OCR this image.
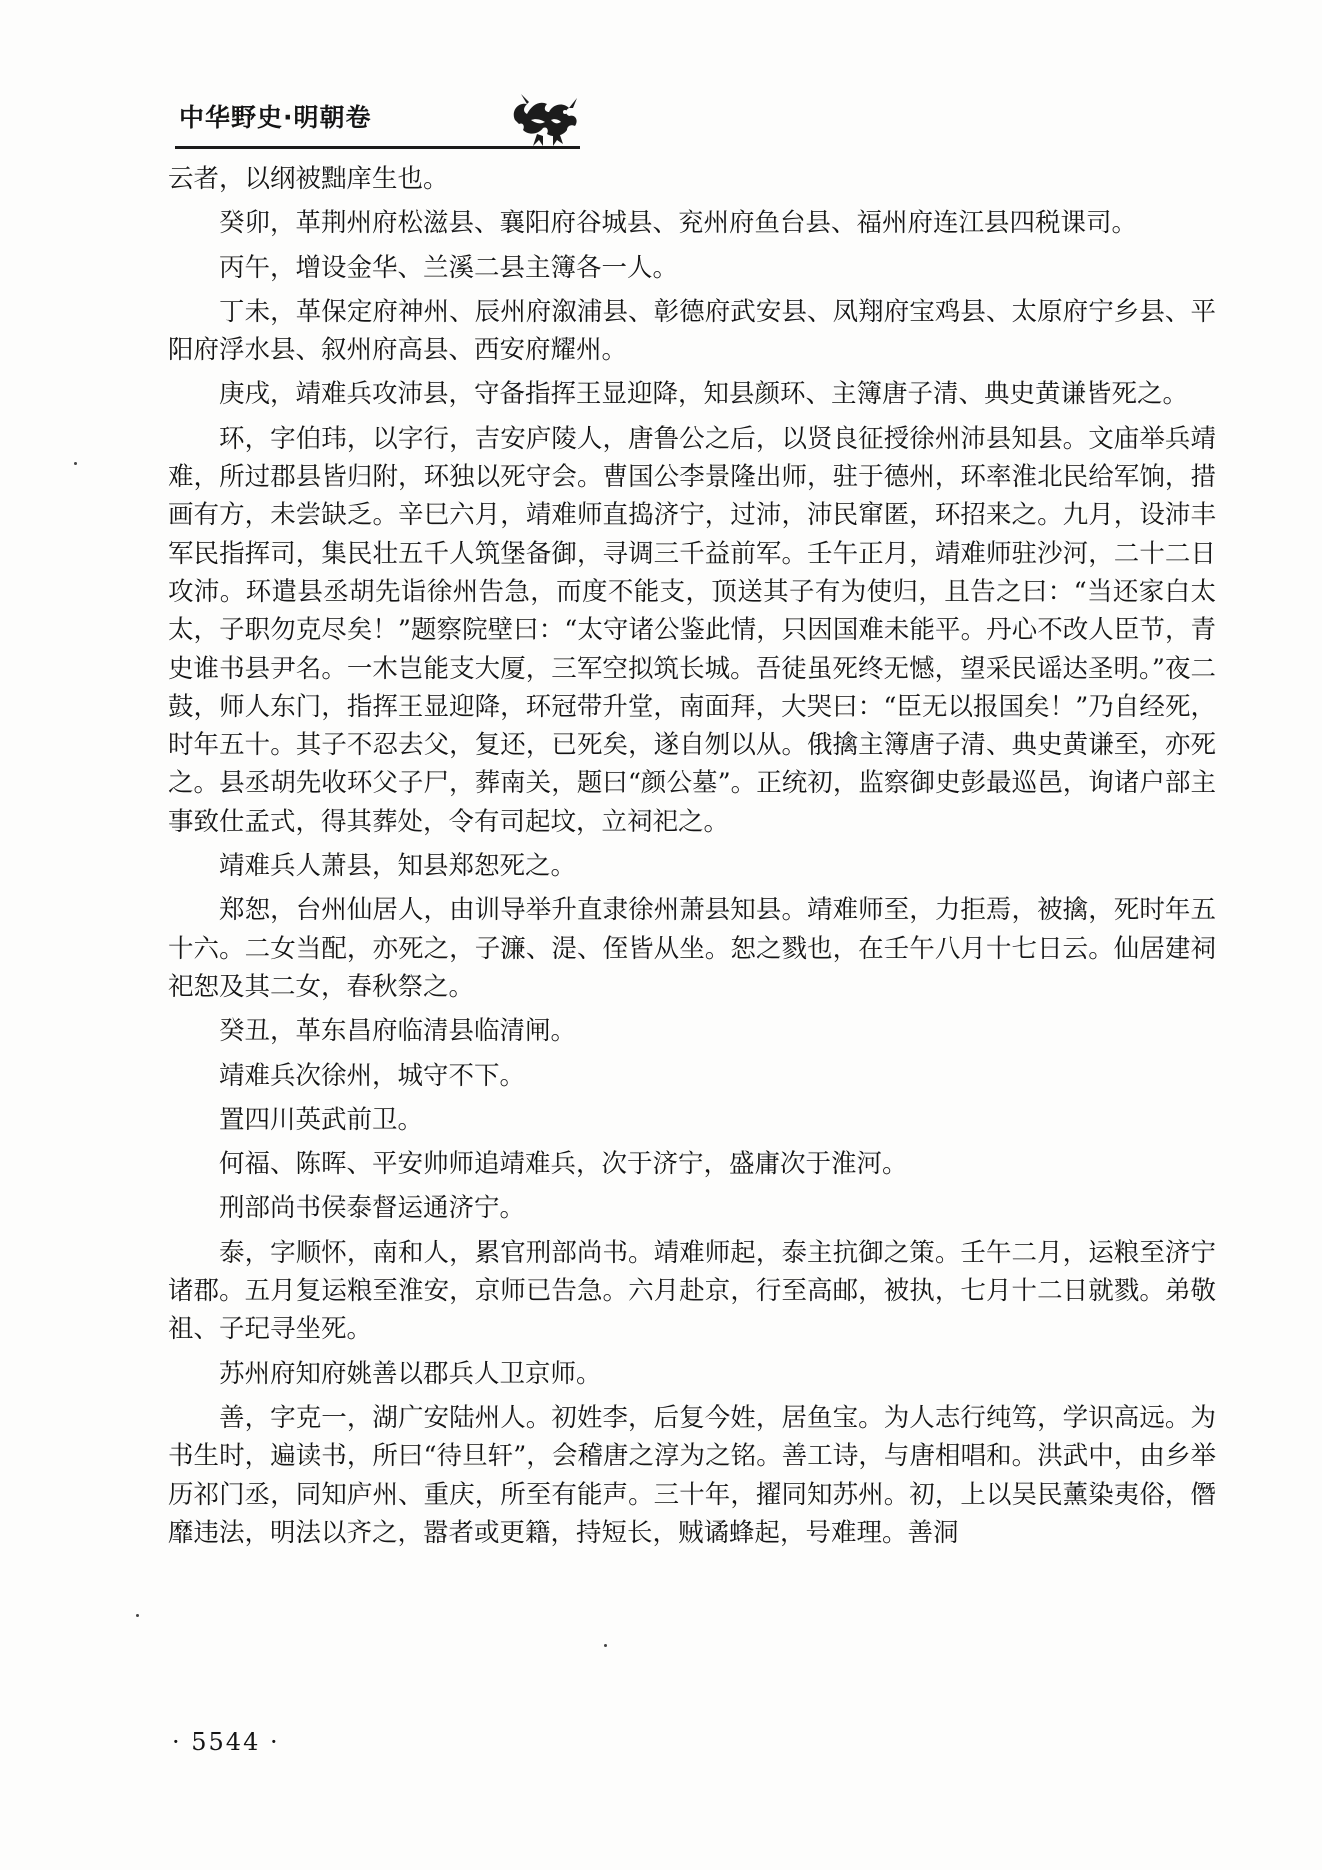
中华野史·明朝卷

云者，以纲被黜庠生也。

癸卯，革荆州府松滋县、襄阳府谷城县、兖州府鱼台县、福州府连江县四税课司。

丙午，增设金华、兰溪二县主簿各一人。

丁未，革保定府神州、辰州府溆浦县、彰德府武安县、凤翔府宝鸡县、太原府宁乡县、平阳府浮水县、叙州府高县、西安府耀州。

庚戌，靖难兵攻沛县，守备指挥王显迎降，知县颜环、主簿唐子清、典史黄谦皆死之。

环，字伯玮，以字行，吉安庐陵人，唐鲁公之后，以贤良征授徐州沛县知县。文庙举兵靖难，所过郡县皆归附，环独以死守会。曹国公李景隆出师，驻于德州，环率淮北民给军饷，措画有方，未尝缺乏。辛巳六月，靖难师直捣济宁，过沛，沛民窜匿，环招来之。九月，设沛丰军民指挥司，集民壮五千人筑堡备御，寻调三千益前军。壬午正月，靖难师驻沙河，二十二日攻沛。环遣县丞胡先诣徐州告急，而度不能支，顶送其子有为使归，且告之曰：“当还家白太太，子职勿克尽矣！”题察院壁曰：“太守诸公鉴此情，只因国难未能平。丹心不改人臣节，青史谁书县尹名。一木岂能支大厦，三军空拟筑长城。吾徒虽死终无憾，望采民谣达圣明。”夜二鼓，师人东门，指挥王显迎降，环冠带升堂，南面拜，大哭曰：“臣无以报国矣！”乃自经死，时年五十。其子不忍去父，复还，已死矣，遂自刎以从。俄擒主簿唐子清、典史黄谦至，亦死之。县丞胡先收环父子尸，葬南关，题曰“颜公墓”。正统初，监察御史彭最巡邑，询诸户部主事致仕孟式，得其葬处，令有司起坟，立祠祀之。

靖难兵人萧县，知县郑恕死之。

郑恕，台州仙居人，由训导举升直隶徐州萧县知县。靖难师至，力拒焉，被擒，死时年五十六。二女当配，亦死之，子濂、湜、侄皆从坐。恕之戮也，在壬午八月十七日云。仙居建祠祀恕及其二女，春秋祭之。

癸丑，革东昌府临清县临清闸。

靖难兵次徐州，城守不下。

置四川英武前卫。

何福、陈晖、平安帅师追靖难兵，次于济宁，盛庸次于淮河。

刑部尚书侯泰督运通济宁。

泰，字顺怀，南和人，累官刑部尚书。靖难师起，泰主抗御之策。壬午二月，运粮至济宁诸郡。五月复运粮至淮安，京师已告急。六月赴京，行至高邮，被执，七月十二日就戮。弟敬祖、子玘寻坐死。

苏州府知府姚善以郡兵人卫京师。

善，字克一，湖广安陆州人。初姓李，后复今姓，居鱼宝。为人志行纯笃，学识高远。为书生时，遍读书，所曰“待旦轩”，会稽唐之淳为之铭。善工诗，与唐相唱和。洪武中，由乡举历祁门丞，同知庐州、重庆，所至有能声。三十年，擢同知苏州。初，上以吴民薰染夷俗，僭靡违法，明法以齐之，嚣者或更籍，持短长，贼谲蜂起，号难理。善洞

· 5544 ·
